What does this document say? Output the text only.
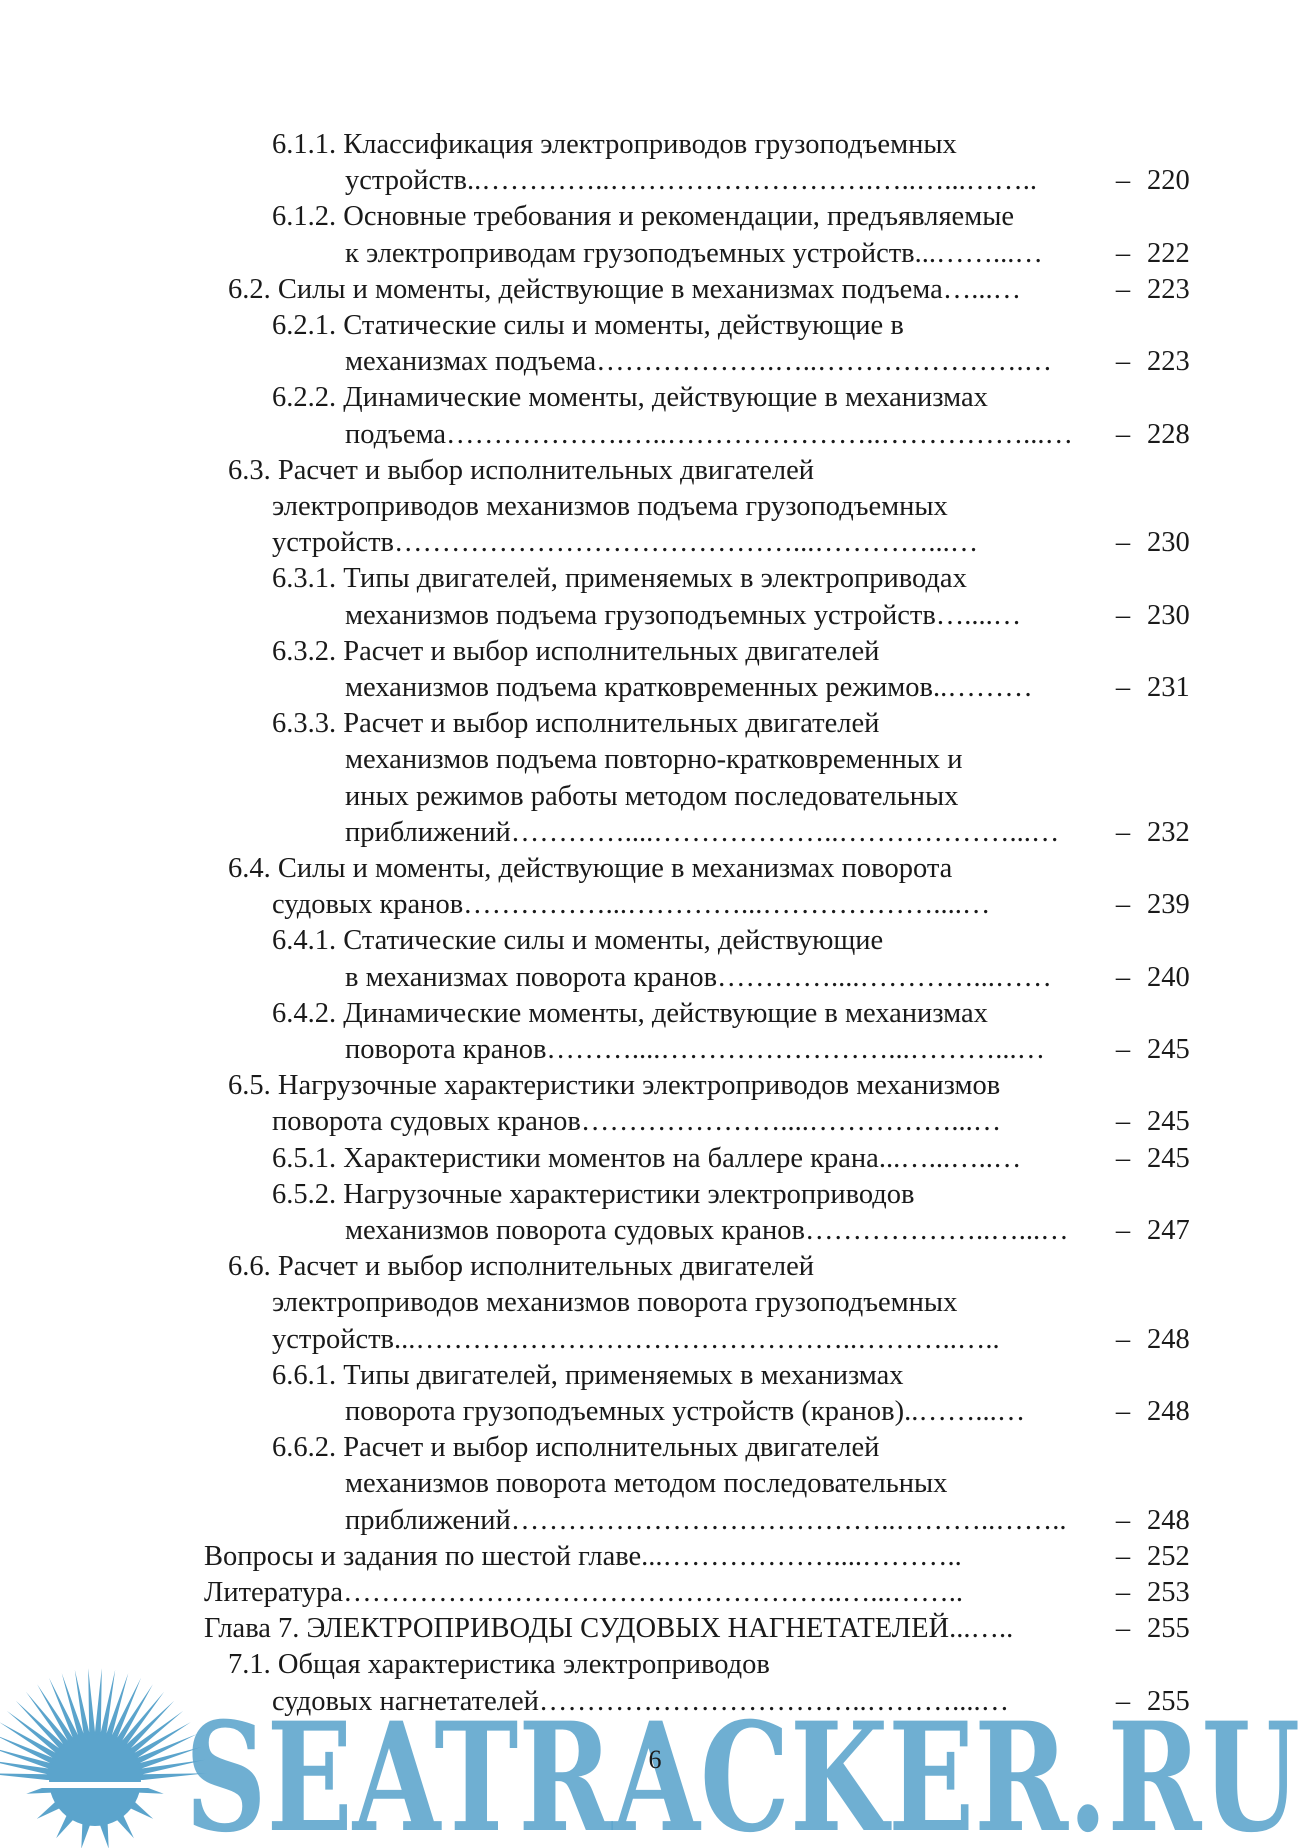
6.1.1. Классификация электроприводов грузоподъемных
устройств..…………..……………………….…..…...……..	– 220
6.1.2. Основные требования и рекомендации, предъявляемые
к электроприводам грузоподъемных устройств...……...…	– 222
6.2. Силы и моменты, действующие в механизмах подъема…...…	– 223
6.2.1. Статические силы и моменты, действующие в
механизмах подъема……………….…..………………….… – 223
6.2.2. Динамические моменты, действующие в механизмах
подъема……………….…..…………………..……………...… – 228
6.3. Расчет и выбор исполнительных двигателей
электроприводов механизмов подъема грузоподъемных
устройств……………………………………...…………...…	– 230
6.3.1. Типы двигателей, применяемых в электроприводах
механизмов подъема грузоподъемных устройств…....…	– 230
6.3.2. Расчет и выбор исполнительных двигателей
механизмов подъема кратковременных режимов..………	– 231
6.3.3. Расчет и выбор исполнительных двигателей
механизмов подъема повторно-кратковременных и
иных режимов работы методом последовательных
приближений…………....………………..………………...… – 232
6.4. Силы и моменты, действующие в механизмах поворота
судовых кранов……………...…………...………………....…	– 239
6.4.1. Статические силы и моменты, действующие
в механизмах поворота кранов…………....…………...…… – 240
6.4.2. Динамические моменты, действующие в механизмах
поворота кранов………....……………………...………...… – 245
6.5. Нагрузочные характеристики электроприводов механизмов
поворота судовых кранов…………………....……………...…	– 245
6.5.1. Характеристики моментов на баллере крана...…...…..…	– 245
6.5.2. Нагрузочные характеристики электроприводов
механизмов поворота судовых кранов………………..…...… – 247
6.6. Расчет и выбор исполнительных двигателей
электроприводов механизмов поворота грузоподъемных
устройств...………………………………………..………..…..	– 248
6.6.1. Типы двигателей, применяемых в механизмах
поворота грузоподъемных устройств (кранов)..……...…	– 248
6.6.2. Расчет и выбор исполнительных двигателей
механизмов поворота методом последовательных
приближений…………………………………..………..…….. – 248
Вопросы и задания по шестой главе...………………....………..	– 252
Литература……………………………………………..…...……..	– 253
Глава 7. ЭЛЕКТРОПРИВОДЫ СУДОВЫХ НАГНЕТАТЕЛЕЙ...…..	– 255
7.1. Общая характеристика электроприводов
судовых нагнетателей……………………………..………....…	– 255
6
SEATRACKER.RU
